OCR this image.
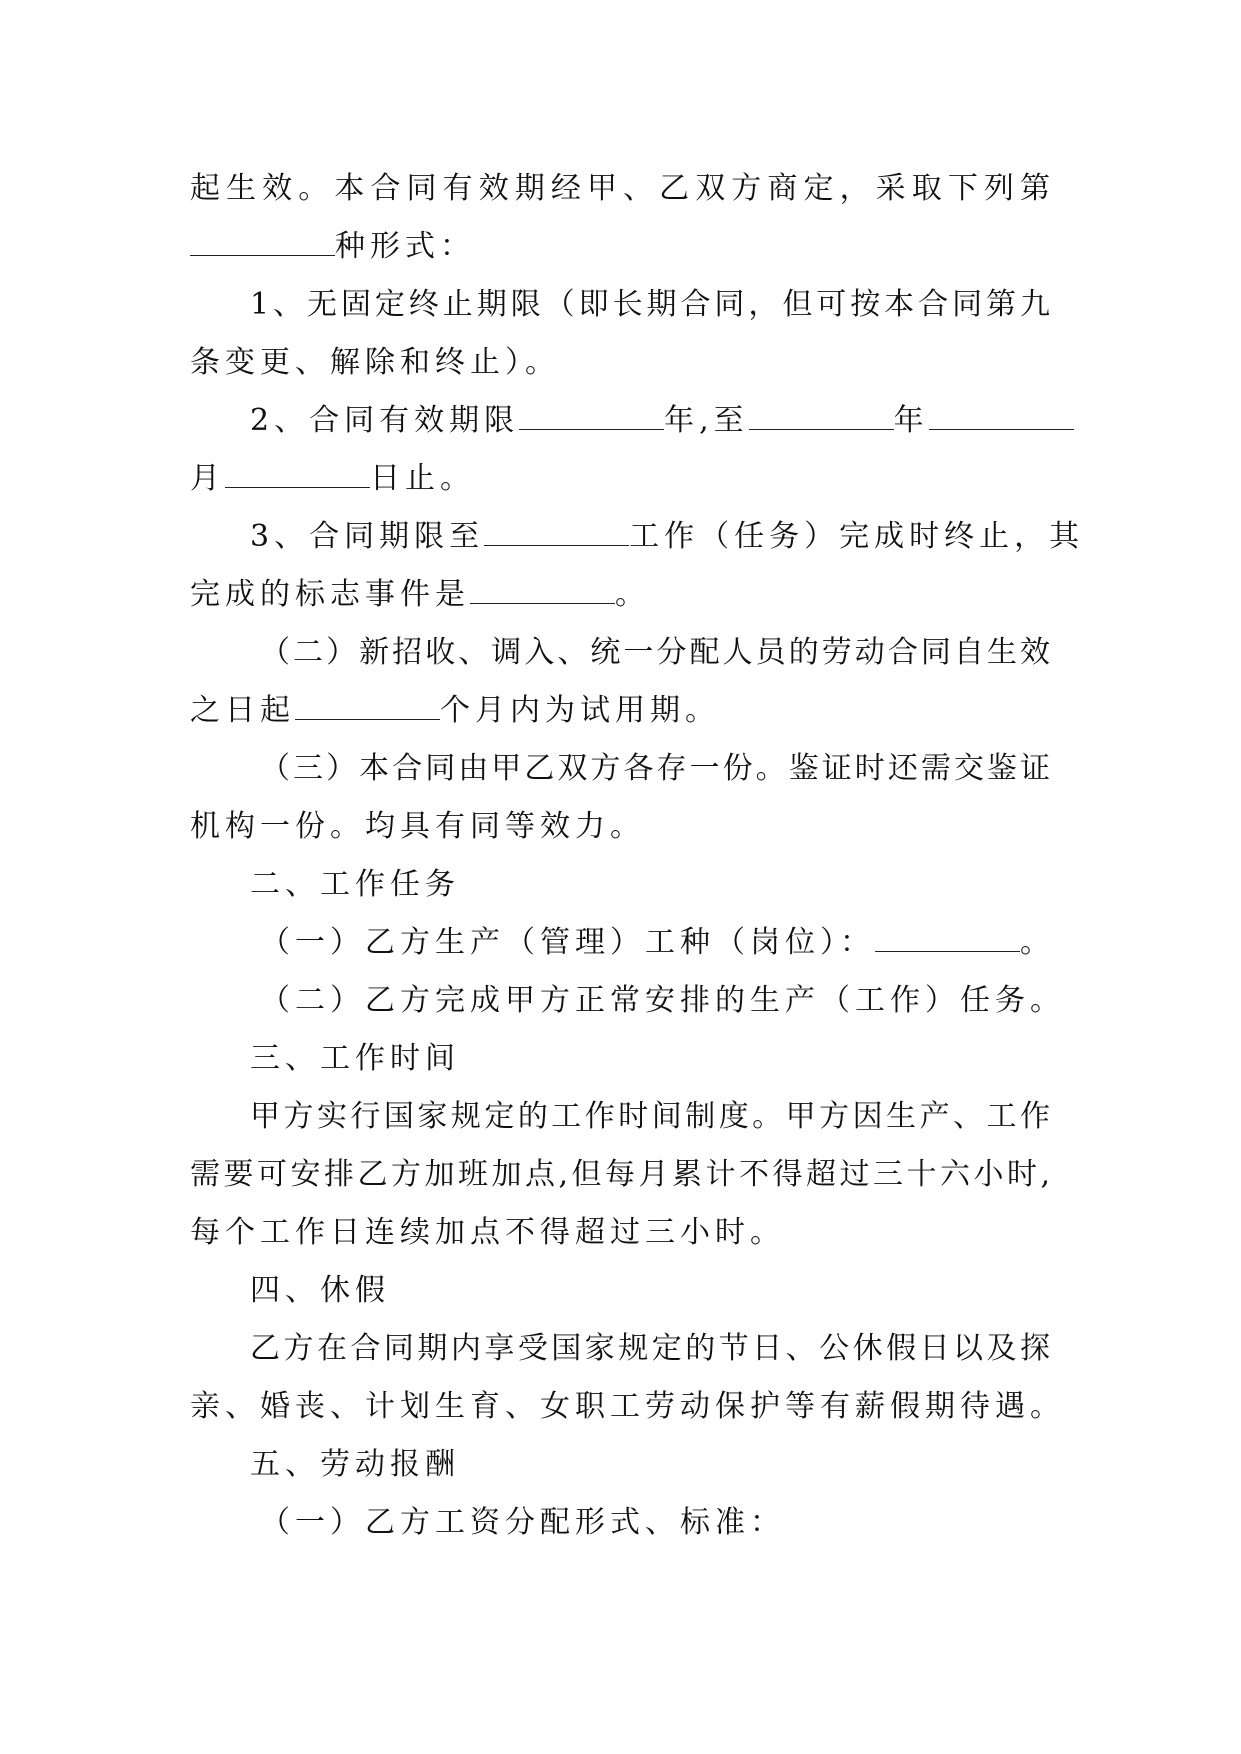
起生效。本合同有效期经甲、乙双方商定，采取下列第
种形式：
1、无固定终止期限（即长期合同，但可按本合同第九
条变更、解除和终止）。
2、合同有效期限	年,至	年
月	日止。
3、合同期限至	工作（任务）完成时终止，其
完成的标志事件是	。
（二）新招收、调入、统一分配人员的劳动合同自生效
之日起	个月内为试用期。
（三）本合同由甲乙双方各存一份。鉴证时还需交鉴证
机构一份。均具有同等效力。
二、工作任务
（一）乙方生产（管理）工种（岗位）：	。
（二）乙方完成甲方正常安排的生产（工作）任务。
三、工作时间
甲方实行国家规定的工作时间制度。甲方因生产、工作
需要可安排乙方加班加点,但每月累计不得超过三十六小时,
每个工作日连续加点不得超过三小时。
四、休假
乙方在合同期内享受国家规定的节日、公休假日以及探
亲、婚丧、计划生育、女职工劳动保护等有薪假期待遇。
五、劳动报酬
（一）乙方工资分配形式、标准：
